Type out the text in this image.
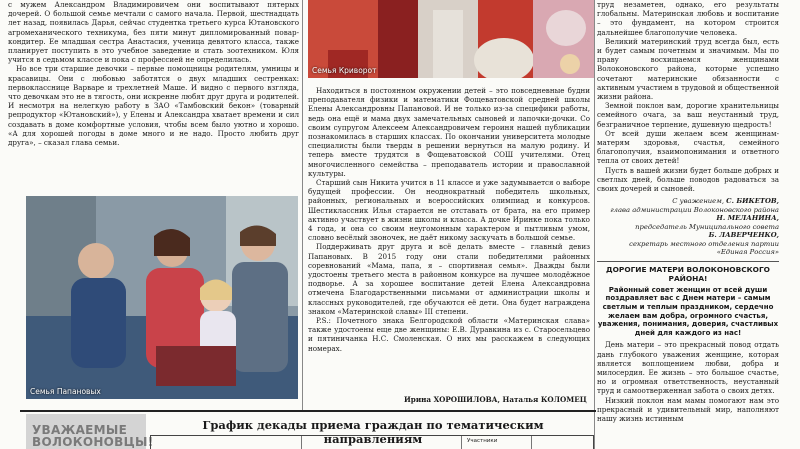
с мужем Александром Владимировичем они воспитывают пятерых дочерей. О большой семье мечтали с самого начала. Первой, шестнадцать лет назад, появилась Дарья, сейчас студентка третьего курса Ютановского агромеханического техникума, без пяти минут дипломированный повар-кондитер. Ее младшая сестра Анастасия, ученица девятого класса, также планирует поступить в это учебное заведение и стать зоотехником. Юля учится в седьмом классе и пока с профессией не определилась.

Но все три старшие девочки – первые помощницы родителям, умницы и красавицы. Они с любовью заботятся о двух младших сестренках: первокласснице Варваре и трехлетней Маше. И видно с первого взгляда, что девочкам это не в тягость, они искренне любят друг друга и родителей. И несмотря на нелегкую работу в ЗАО «Тамбовский бекон» (товарный репродуктор «Ютановский»), у Елены и Александра хватает времени и сил создавать в доме комфортные условия, чтобы всем было уютно и хорошо. «А для хорошей погоды в доме много и не надо. Просто любить друг друга», – сказал глава семьи.

Семья Криворот
Семья Папановых

Находиться в постоянном окружении детей – это повседневные будни преподавателя физики и математики Фощеватовской средней школы Елены Александровны Папановой. И не только из-за специфики работы, ведь она ещё и мама двух замечательных сыновей и лапочки-дочки. Со своим супругом Алексеем Александровичем героиня нашей публикации познакомилась в старших классах. По окончании университета молодые специалисты были тверды в решении вернуться на малую родину. И теперь вместе трудятся в Фощеватовской СОШ учителями. Отец многочисленного семейства – преподаватель истории и православной культуры.

Старший сын Никита учится в 11 классе и уже задумывается о выборе будущей профессии. Он неоднократный победитель школьных, районных, региональных и всероссийских олимпиад и конкурсов. Шестиклассник Илья старается не отставать от брата, на его пример активно участвует в жизни школы и класса. А дочке Иринке пока только 4 года, и она со своим неугомонным характером и пытливым умом, словно весёлый звоночек, не даёт никому заскучать в большой семье.

Поддерживать друг друга и всё делать вместе – главный девиз Папановых. В 2015 году они стали победителями районных соревнований «Мама, папа, я – спортивная семья». Дважды были удостоены третьего места в районном конкурсе на лучшее молодёжное подворье. А за хорошее воспитание детей Елена Александровна отмечена Благодарственными письмами от администрации школы и классных руководителей, где обучаются её дети. Она будет награждена знаком «Материнской славы» III степени.

P.S.: Почетного знака Белгородской области «Материнская слава» также удостоены еще две женщины: Е.В. Дуравкина из с. Старосельцево и пятиничанка Н.С. Смоленская. О них мы расскажем в следующих номерах.

Ирина ХОРОШИЛОВА, Наталья КОЛОМЕЦ

труд незаметен, однако, его результаты глобальны. Материнская любовь и воспитание – это фундамент, на котором строится дальнейшее благополучие человека.

Великий материнский труд всегда был, есть и будет самым почетным и значимым. Мы по праву восхищаемся женщинами Волоконовского района, которые успешно сочетают материнские обязанности с активным участием в трудовой и общественной жизни района.

Земной поклон вам, дорогие хранительницы семейного очага, за ваш неустанный труд, безграничное терпение, душевную щедрость!

От всей души желаем всем женщинам-матерям здоровья, счастья, семейного благополучия, взаимопонимания и ответного тепла от своих детей!

Пусть в вашей жизни будет больше добрых и светлых дней, больше поводов радоваться за своих дочерей и сыновей.

С уважением, С. БИКЕТОВ,
глава администрации Волоконовского района
Н. МЕЛАНИНА,
председатель Муниципального совета
Б. ЛАВЕРЧЕНКО,
секретарь местного отделения партии «Единая Россия»
ДОРОГИЕ МАТЕРИ ВОЛОКОНОВСКОГО РАЙОНА!
Районный совет женщин от всей души поздравляет вас с Днем матери – самым светлым и теплым праздником, сердечно желаем вам добра, огромного счастья, уважения, понимания, доверия, счастливых дней для каждого из нас!

День матери – это прекрасный повод отдать дань глубокого уважения женщине, которая является воплощением любви, добра и милосердия. Ее жизнь – это большое счастье, но и огромная ответственность, неустанный труд и самоотверженная забота о своих детях.

Низкий поклон нам мамы помогают нам это прекрасный и удивительный мир, наполняют нашу жизнь истинным

УВАЖАЕМЫЕ ВОЛОКОНОВЦЫ!
График декады приема граждан по тематическим направлениям	Участники
